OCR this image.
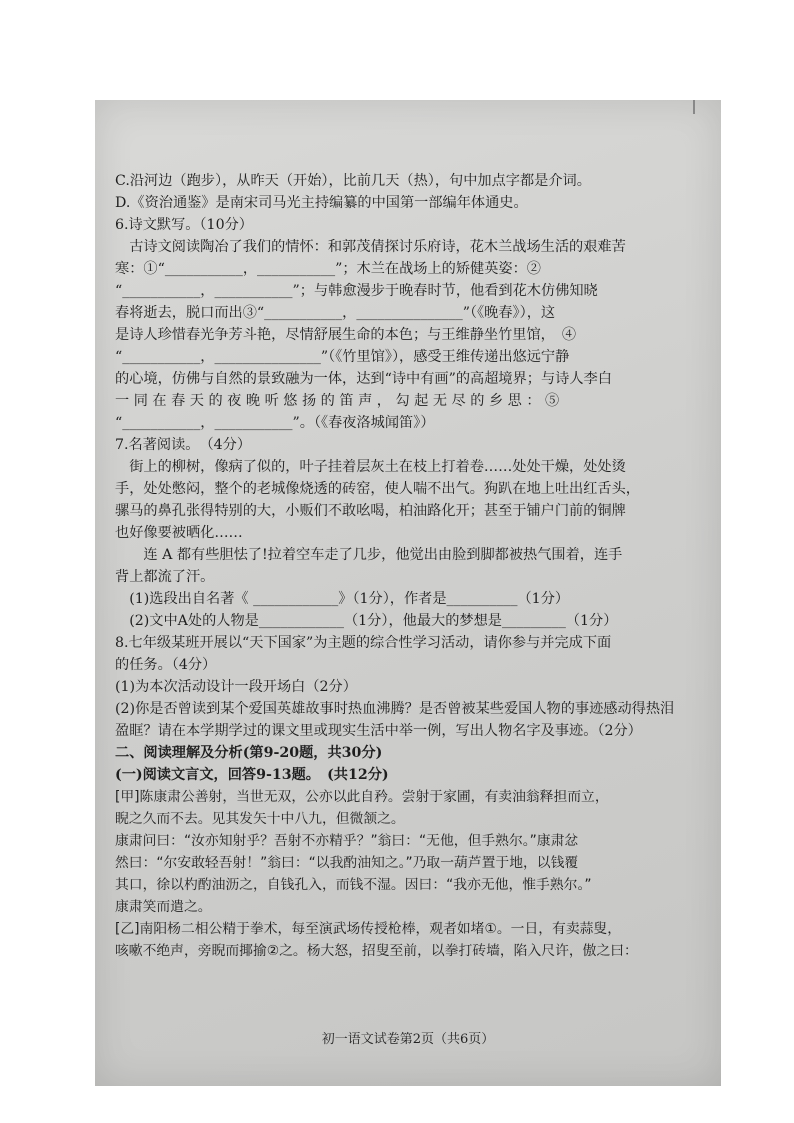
C.沿河边（跑步），从昨天（开始），比前几天（热），句中加点字都是介词。
D.《资治通鉴》是南宋司马光主持编纂的中国第一部编年体通史。
6.诗文默写。（10分）
　古诗文阅读陶冶了我们的情怀：和郭茂倩探讨乐府诗，花木兰战场生活的艰难苦
寒：①“___________，___________”；木兰在战场上的矫健英姿：②
“___________，___________”；与韩愈漫步于晚春时节，他看到花木仿佛知晓
春将逝去，脱口而出③“___________，_______________”（《晚春》），这
是诗人珍惜春光争芳斗艳，尽情舒展生命的本色；与王维静坐竹里馆，　④
“___________，_______________”（《竹里馆》），感受王维传递出悠远宁静
的心境，仿佛与自然的景致融为一体，达到“诗中有画”的高超境界；与诗人李白
一 同 在 春 天 的 夜 晚 听 悠 扬 的 笛 声 ， 勾 起 无 尽 的 乡 思 ： ⑤
“___________，___________”。（《春夜洛城闻笛》）
7.名著阅读。　（4分）
　街上的柳树，像病了似的，叶子挂着层灰土在枝上打着卷……处处干燥，处处烫
手，处处憋闷，整个的老城像烧透的砖窑，使人喘不出气。狗趴在地上吐出红舌头，
骡马的鼻孔张得特别的大，小贩们不敢吆喝，柏油路化开；甚至于铺户门前的铜牌
也好像要被晒化……
　　连 A 都有些胆怯了!拉着空车走了几步，他觉出由脸到脚都被热气围着，连手
背上都流了汗。
　(1)选段出自名著《 ____________》（1分），作者是__________（1分）
　(2)文中A处的人物是____________（1分），他最大的梦想是_________（1分）
8.七年级某班开展以“天下国家”为主题的综合性学习活动，请你参与并完成下面
的任务。（4分）
(1)为本次活动设计一段开场白（2分）
(2)你是否曾读到某个爱国英雄故事时热血沸腾？是否曾被某些爱国人物的事迹感动得热泪
盈眶？请在本学期学过的课文里或现实生活中举一例，写出人物名字及事迹。（2分）
二、阅读理解及分析(第9-20题，共30分)
(一)阅读文言文，回答9-13题。　(共12分)
[甲]陈康肃公善射，当世无双，公亦以此自矜。尝射于家圃，有卖油翁释担而立，
睨之久而不去。见其发矢十中八九，但微颔之。
康肃问曰：“汝亦知射乎？吾射不亦精乎？”翁曰：“无他，但手熟尔。”康肃忿
然曰：“尔安敢轻吾射！”翁曰：“以我酌油知之。”乃取一葫芦置于地，以钱覆
其口，徐以杓酌油沥之，自钱孔入，而钱不湿。因曰：“我亦无他，惟手熟尔。”
康肃笑而遣之。
[乙]南阳杨二相公精于拳术，每至演武场传授枪棒，观者如堵①。一日，有卖蒜叟，
咳嗽不绝声，旁睨而揶揄②之。杨大怒，招叟至前，以拳打砖墙，陷入尺许，傲之曰：
初一语文试卷第2页（共6页）
